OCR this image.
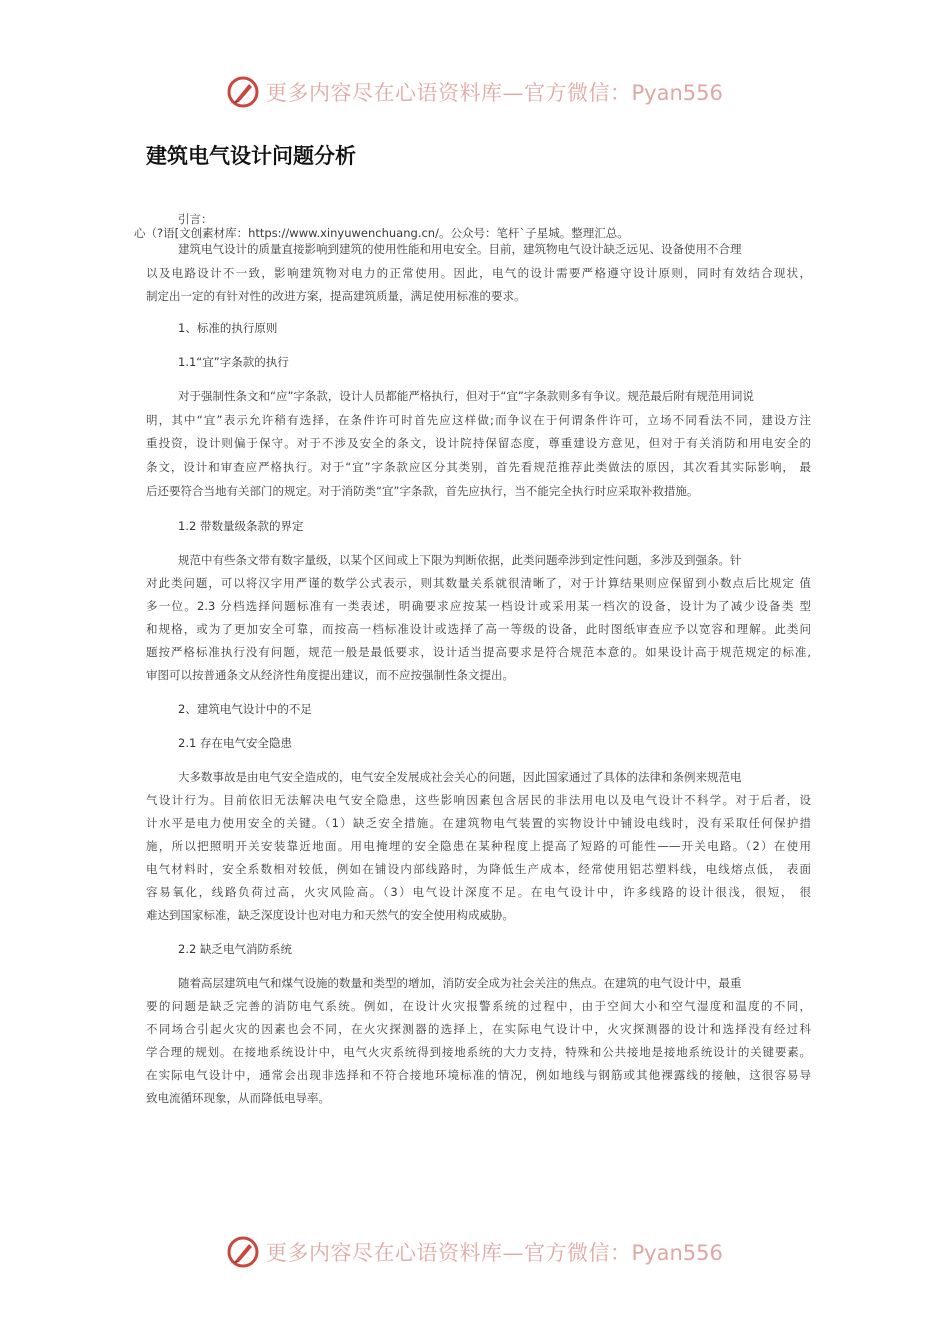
更多内容尽在心语资料库—官方微信：Pyan556
建筑电气设计问题分析
引言：
心（?语[文创素材库：https://www.xinyuwenchuang.cn/。公众号：笔杆`子星城。整理汇总。
建筑电气设计的质量直接影响到建筑的使用性能和用电安全。目前，建筑物电气设计缺乏远见、设备使用不合理
以及电路设计不一致，影响建筑物对电力的正常使用。因此，电气的设计需要严格遵守设计原则，同时有效结合现状，
制定出一定的有针对性的改进方案，提高建筑质量，满足使用标准的要求。
1、标准的执行原则
1.1“宜”字条款的执行
对于强制性条文和“应”字条款，设计人员都能严格执行，但对于“宜”字条款则多有争议。规范最后附有规范用词说
明，其中“宜”表示允许稍有选择，在条件许可时首先应这样做;而争议在于何谓条件许可，立场不同看法不同，建设方注
重投资，设计则偏于保守。对于不涉及安全的条文，设计院持保留态度，尊重建设方意见，但对于有关消防和用电安全的
条文，设计和审查应严格执行。对于“宜”字条款应区分其类别，首先看规范推荐此类做法的原因，其次看其实际影响， 最
后还要符合当地有关部门的规定。对于消防类“宜”字条款，首先应执行，当不能完全执行时应采取补救措施。
1.2 带数量级条款的界定
规范中有些条文带有数字量级，以某个区间或上下限为判断依据，此类问题牵涉到定性问题，多涉及到强条。针
对此类问题，可以将汉字用严谨的数学公式表示，则其数量关系就很清晰了，对于计算结果则应保留到小数点后比规定 值
多一位。2.3 分档选择问题标准有一类表述，明确要求应按某一档设计或采用某一档次的设备，设计为了减少设备类 型
和规格，或为了更加安全可靠，而按高一档标准设计或选择了高一等级的设备，此时图纸审查应予以宽容和理解。此类问
题按严格标准执行没有问题，规范一般是最低要求，设计适当提高要求是符合规范本意的。如果设计高于规范规定的标准,
审图可以按普通条文从经济性角度提出建议，而不应按强制性条文提出。
2、建筑电气设计中的不足
2.1 存在电气安全隐患
大多数事故是由电气安全造成的，电气安全发展成社会关心的问题，因此国家通过了具体的法律和条例来规范电
气设计行为。目前依旧无法解决电气安全隐患，这些影响因素包含居民的非法用电以及电气设计不科学。对于后者，设
计水平是电力使用安全的关键。（1）缺乏安全措施。在建筑物电气装置的实物设计中铺设电线时，没有采取任何保护措
施，所以把照明开关安装靠近地面。用电掩埋的安全隐患在某种程度上提高了短路的可能性——开关电路。（2）在使用
电气材料时，安全系数相对较低，例如在铺设内部线路时，为降低生产成本，经常使用铝芯塑料线，电线熔点低， 表面
容易氧化，线路负荷过高，火灾风险高。（3）电气设计深度不足。在电气设计中，许多线路的设计很浅，很短， 很
难达到国家标准，缺乏深度设计也对电力和天然气的安全使用构成威胁。
2.2 缺乏电气消防系统
随着高层建筑电气和煤气设施的数量和类型的增加，消防安全成为社会关注的焦点。在建筑的电气设计中，最重
要的问题是缺乏完善的消防电气系统。例如，在设计火灾报警系统的过程中，由于空间大小和空气湿度和温度的不同，
不同场合引起火灾的因素也会不同，在火灾探测器的选择上，在实际电气设计中，火灾探测器的设计和选择没有经过科
学合理的规划。在接地系统设计中，电气火灾系统得到接地系统的大力支持，特殊和公共接地是接地系统设计的关键要素。
在实际电气设计中，通常会出现非选择和不符合接地环境标准的情况，例如地线与钢筋或其他裸露线的接触，这很容易导
致电流循环现象，从而降低电导率。
更多内容尽在心语资料库—官方微信：Pyan556
